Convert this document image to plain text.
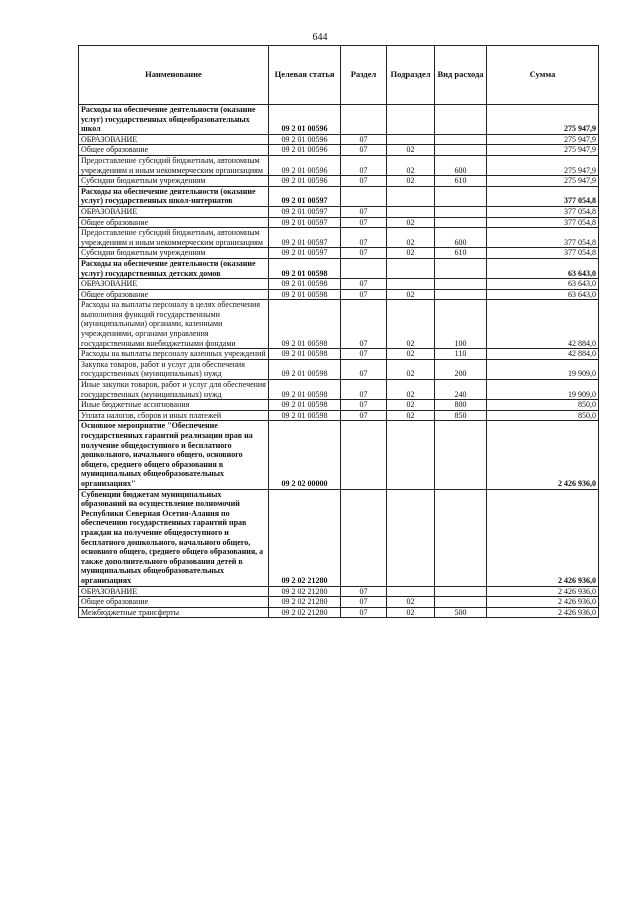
644
Наименование	Целевая статья	Раздел	Подраздел	Вид расхода	Сумма
Расходы на обеспечение деятельности (оказание услуг) государственных общеобразовательных школ	09 2 01 00596				275 947,9
ОБРАЗОВАНИЕ	09 2 01 00596	07			275 947,9
Общее образование	09 2 01 00596	07	02		275 947,9
Предоставление субсидий бюджетным, автономным учреждениям и иным некоммерческим организациям	09 2 01 00596	07	02	600	275 947,9
Субсидии бюджетным учреждениям	09 2 01 00596	07	02	610	275 947,9
Расходы на обеспечение деятельности (оказание услуг) государственных школ-интернатов	09 2 01 00597				377 054,8
ОБРАЗОВАНИЕ	09 2 01 00597	07			377 054,8
Общее образование	09 2 01 00597	07	02		377 054,8
Предоставление субсидий бюджетным, автономным учреждениям и иным некоммерческим организациям	09 2 01 00597	07	02	600	377 054,8
Субсидии бюджетным учреждениям	09 2 01 00597	07	02	610	377 054,8
Расходы на обеспечение деятельности (оказание услуг) государственных детских домов	09 2 01 00598				63 643,0
ОБРАЗОВАНИЕ	09 2 01 00598	07			63 643,0
Общее образование	09 2 01 00598	07	02		63 643,0
Расходы на выплаты персоналу в целях обеспечения выполнения функций государственными (муниципальными) органами, казенными учреждениями, органами управления государственными внебюджетными фондами	09 2 01 00598	07	02	100	42 884,0
Расходы на выплаты персоналу казенных учреждений	09 2 01 00598	07	02	110	42 884,0
Закупка товаров, работ и услуг для обеспечения государственных (муниципальных) нужд	09 2 01 00598	07	02	200	19 909,0
Иные закупки товаров, работ и услуг для обеспечения государственных (муниципальных) нужд	09 2 01 00598	07	02	240	19 909,0
Иные бюджетные ассигнования	09 2 01 00598	07	02	800	850,0
Уплата налогов, сборов и иных платежей	09 2 01 00598	07	02	850	850,0
Основное мероприятие "Обеспечение государственных гарантий реализации прав на получение общедоступного и бесплатного дошкольного, начального общего, основного общего, среднего общего образования в муниципальных общеобразовательных организациях"	09 2 02 00000				2 426 936,0
Субвенции бюджетам муниципальных образований на осуществление полномочий Республики Северная Осетия-Алания по обеспечению государственных гарантий прав граждан на получение общедоступного и бесплатного дошкольного, начального общего, основного общего, среднего общего образования, а также дополнительного образования детей в муниципальных общеобразовательных организациях	09 2 02 21280				2 426 936,0
ОБРАЗОВАНИЕ	09 2 02 21280	07			2 426 936,0
Общее образование	09 2 02 21280	07	02		2 426 936,0
Межбюджетные трансферты	09 2 02 21280	07	02	500	2 426 936,0
